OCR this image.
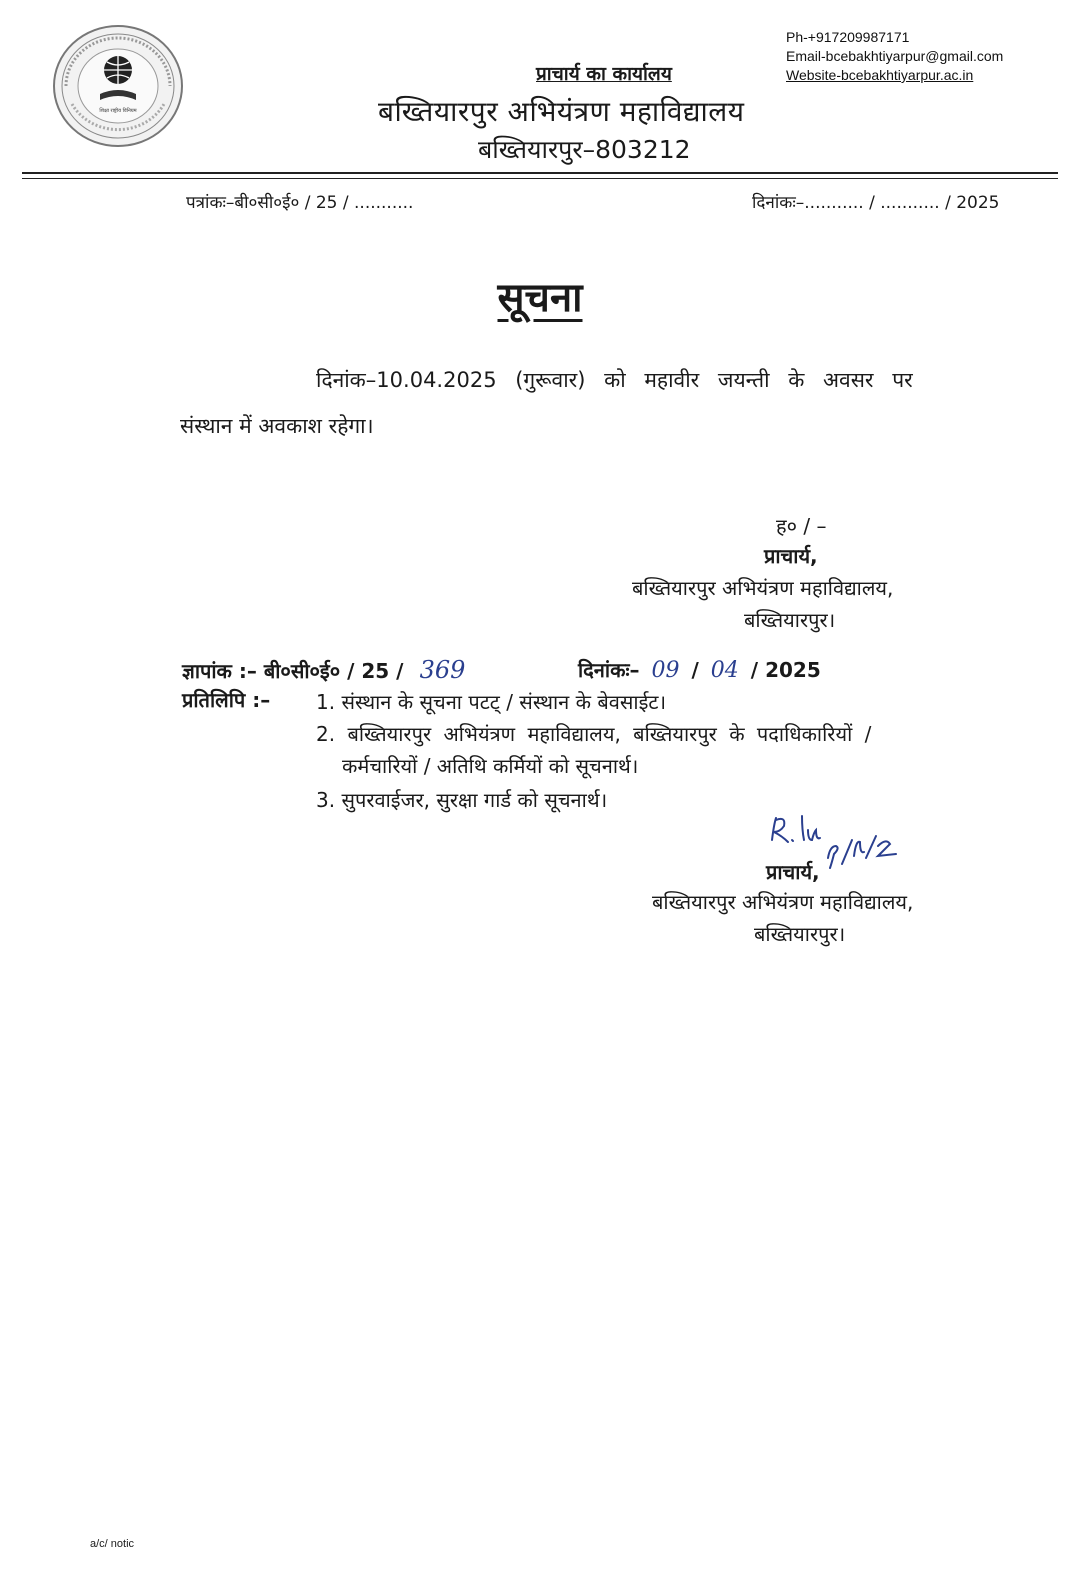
शिक्षा राष्ट्रीय विनियम
Ph-+917209987171
Email-bcebakhtiyarpur@gmail.com
Website-bcebakhtiyarpur.ac.in
प्राचार्य का कार्यालय
बख्तियारपुर अभियंत्रण महाविद्यालय
बख्तियारपुर–803212
पत्रांकः–बी०सी०ई० / 25 / ...........	दिनांकः–........... / ........... / 2025
सूचना
दिनांक–10.04.2025 (गुरूवार) को महावीर जयन्ती के अवसर पर
संस्थान में अवकाश रहेगा।
ह० / –
प्राचार्य,
बख्तियारपुर अभियंत्रण महाविद्यालय,
बख्तियारपुर।
ज्ञापांक :– बी०सी०ई० / 25 / 369	दिनांकः– 09 / 04 / 2025
प्रतिलिपि :– 1. संस्थान के सूचना पटट् / संस्थान के बेवसाईट।
2. बख्तियारपुर अभियंत्रण महाविद्यालय, बख्तियारपुर के पदाधिकारियों /
कर्मचारियों / अतिथि कर्मियों को सूचनार्थ।
3. सुपरवाईजर, सुरक्षा गार्ड को सूचनार्थ।
प्राचार्य,
बख्तियारपुर अभियंत्रण महाविद्यालय,
बख्तियारपुर।
a/c/ notic
